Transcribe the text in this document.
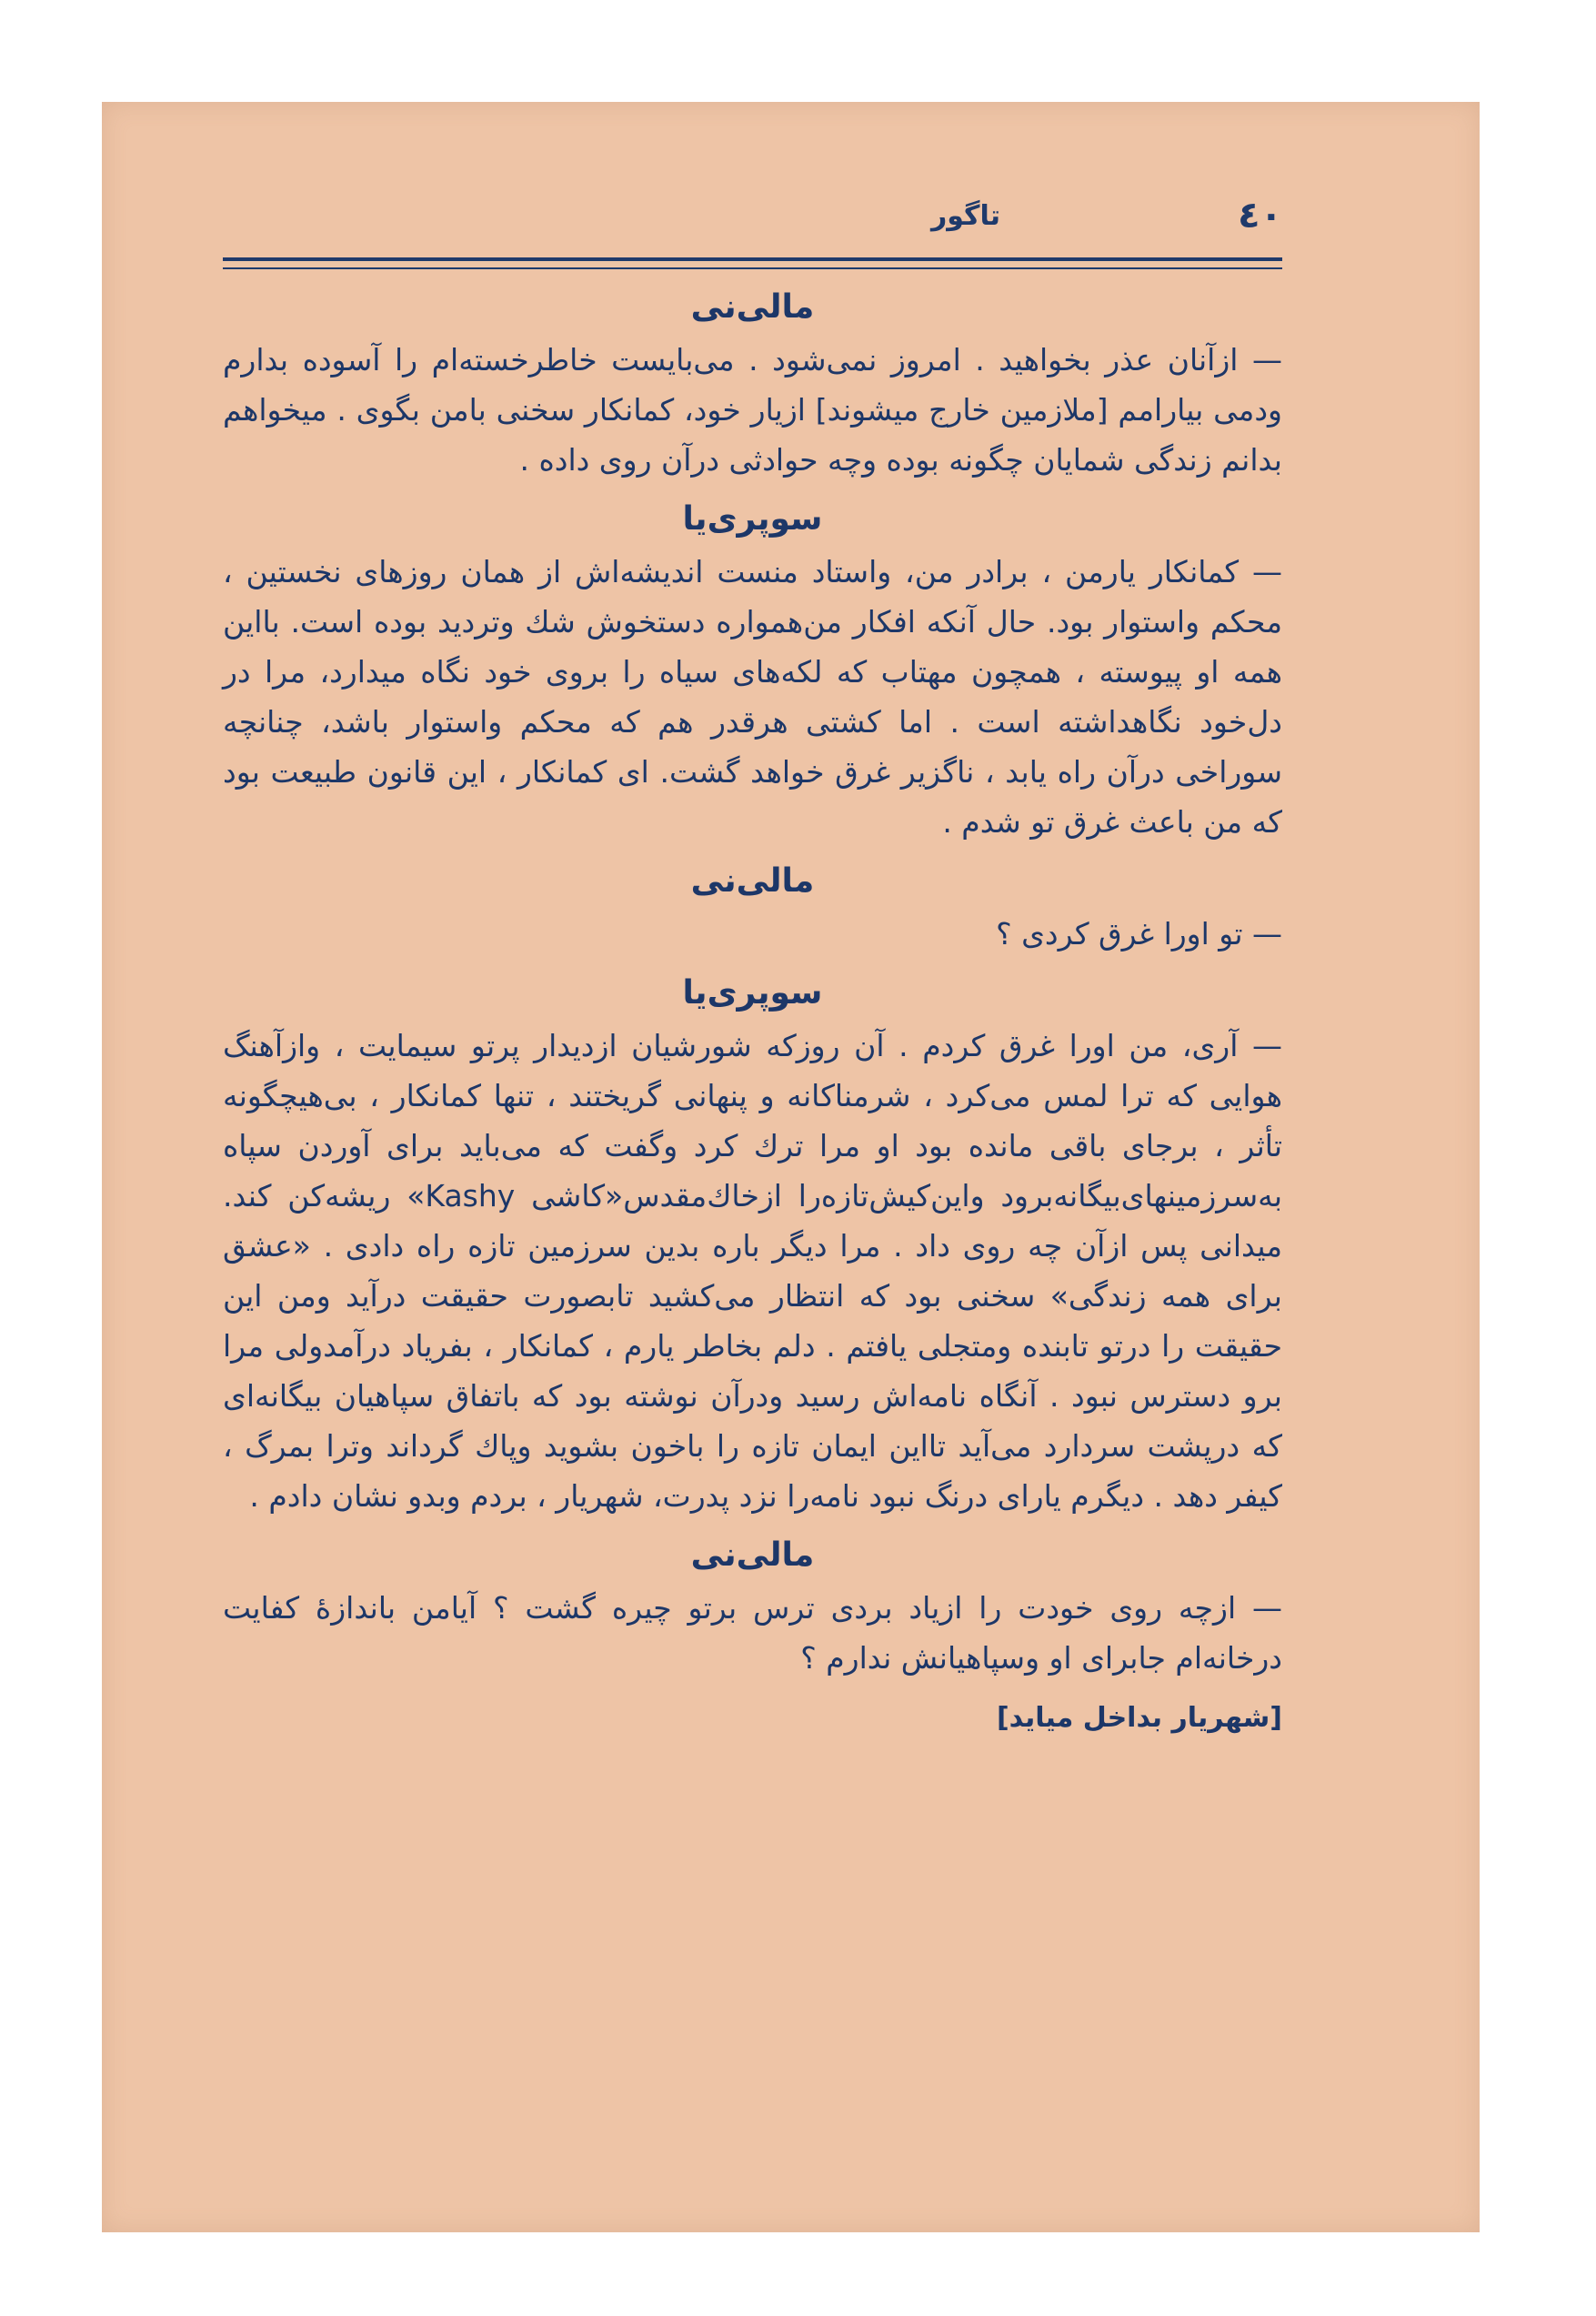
٤٠
تاگور
مالی‌نی

— ازآنان عذر بخواهید . امروز نمی‌شود . می‌بایست خاطرخسته‌ام را آسوده بدارم ودمی بیارامم [ملازمین خارج میشوند] ازیار خود، کمانکار سخنی بامن بگوی . میخواهم بدانم زندگی شمایان چگونه بوده وچه حوادثی درآن روی داده .

سوپری‌یا

— کمانکار یارمن ، برادر من، واستاد منست اندیشه‌اش از همان روزهای نخستین ، محکم واستوار بود. حال آنکه افکار من‌همواره دستخوش شك وتردید بوده است. بااین همه او پیوسته ، همچون مهتاب که لکه‌های سیاه را بروی خود نگاه میدارد، مرا در دل‌خود نگاهداشته است . اما کشتی هرقدر هم که محکم واستوار باشد، چنانچه سوراخی درآن راه یابد ، ناگزیر غرق خواهد گشت. ای کمانکار ، این قانون طبیعت بود که من باعث غرق تو شدم .

مالی‌نی

— تو اورا غرق کردی ؟

سوپری‌یا

— آری، من اورا غرق کردم . آن روزکه شورشیان ازدیدار پرتو سیمایت ، وازآهنگ هوایی که ترا لمس می‌کرد ، شرمناکانه و پنهانی گریختند ، تنها کمانکار ، بی‌هیچگونه تأثر ، برجای باقی مانده بود او مرا ترك کرد وگفت که می‌باید برای آوردن سپاه به‌سرزمینهای‌بیگانه‌برود واین‌کیش‌تازه‌را ازخاك‌مقدس«کاشی Kashy» ریشه‌کن کند. میدانی پس ازآن چه روی داد . مرا دیگر باره بدین سرزمین تازه راه دادی . «عشق برای همه زندگی» سخنی بود که انتظار می‌کشید تابصورت حقیقت درآید ومن این حقیقت را درتو تابنده ومتجلی یافتم . دلم بخاطر یارم ، کمانکار ، بفریاد درآمدولی مرا برو دسترس نبود . آنگاه نامه‌اش رسید ودرآن نوشته بود که باتفاق سپاهیان بیگانه‌ای که درپشت سردارد می‌آید تااین ایمان تازه را باخون بشوید وپاك گرداند وترا بمرگ ، کیفر دهد . دیگرم یارای درنگ نبود نامه‌را نزد پدرت، شهریار ، بردم وبدو نشان دادم .

مالی‌نی

— ازچه روی خودت را ازیاد بردی ترس برتو چیره گشت ؟ آیامن باندازهٔ کفایت درخانه‌ام جابرای او وسپاهیانش ندارم ؟

[شهریار بداخل میاید]
